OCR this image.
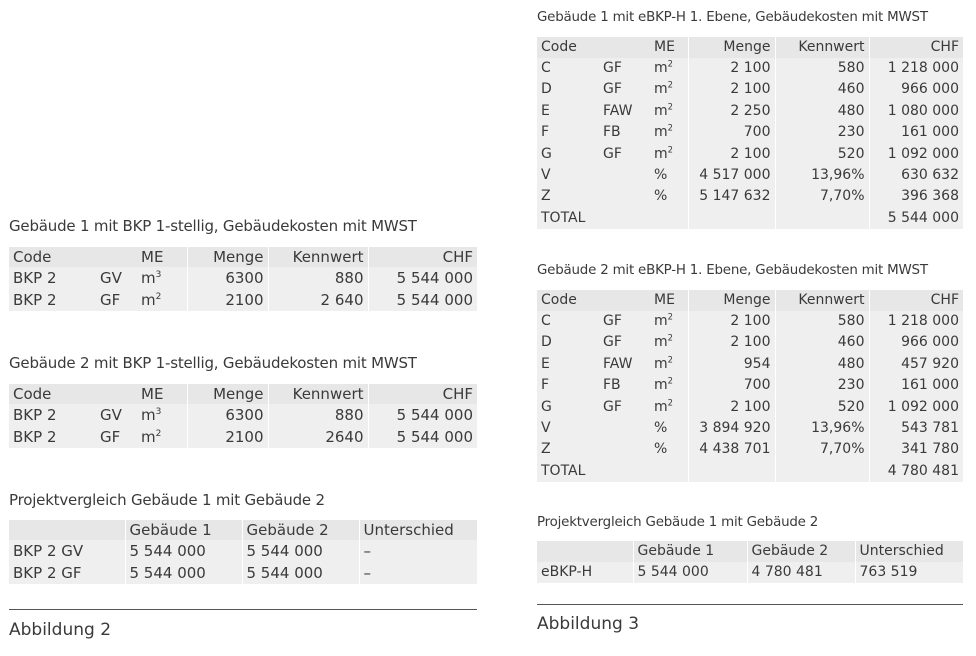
Gebäude 1 mit BKP 1-stellig, Gebäudekosten mit MWST
Code		ME	Menge	Kennwert	CHF
BKP 2	GV	$m^3$	6300	880	5 544 000
BKP 2	GF	$m^2$	2100	2 640	5 544 000
Gebäude 2 mit BKP 1-stellig, Gebäudekosten mit MWST
Code		ME	Menge	Kennwert	CHF
BKP 2	GV	$m^3$	6300	880	5 544 000
BKP 2	GF	$m^2$	2100	2640	5 544 000
Projektvergleich Gebäude 1 mit Gebäude 2
	Gebäude 1	Gebäude 2	Unterschied
BKP 2 GV	5 544 000	5 544 000	–
BKP 2 GF	5 544 000	5 544 000	–
Abbildung 2
Gebäude 1 mit eBKP-H 1. Ebene, Gebäudekosten mit MWST
Code		ME	Menge	Kennwert	CHF
C	GF	$m^2$	2 100	580	1 218 000
D	GF	$m^2$	2 100	460	966 000
E	FAW	$m^2$	2 250	480	1 080 000
F	FB	$m^2$	700	230	161 000
G	GF	$m^2$	2 100	520	1 092 000
V		%	4 517 000	13,96%	630 632
Z		%	5 147 632	7,70%	396 368
TOTAL					5 544 000
Gebäude 2 mit eBKP-H 1. Ebene, Gebäudekosten mit MWST
Code		ME	Menge	Kennwert	CHF
C	GF	$m^2$	2 100	580	1 218 000
D	GF	$m^2$	2 100	460	966 000
E	FAW	$m^2$	954	480	457 920
F	FB	$m^2$	700	230	161 000
G	GF	$m^2$	2 100	520	1 092 000
V		%	3 894 920	13,96%	543 781
Z		%	4 438 701	7,70%	341 780
TOTAL					4 780 481
Projektvergleich Gebäude 1 mit Gebäude 2
	Gebäude 1	Gebäude 2	Unterschied
eBKP-H	5 544 000	4 780 481	763 519
Abbildung 3
